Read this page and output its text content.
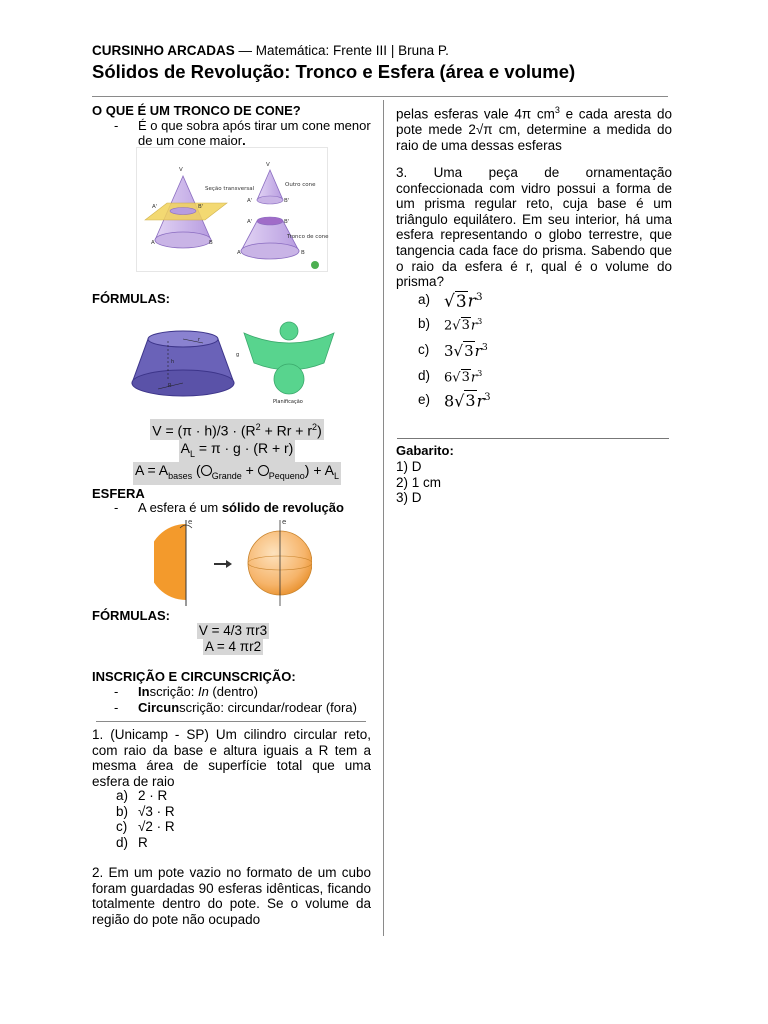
CURSINHO ARCADAS — Matemática: Frente III | Bruna P.
Sólidos de Revolução: Tronco e Esfera (área e volume)
O QUE É UM TRONCO DE CONE?
-	É o que sobra após tirar um cone menor
de um cone maior.
V
Seção transversal
A'	B'
A	B
V
Outro cone
A'	B'
A'	B'
Tronco de cone
A	B
FÓRMULAS:
g
h
r
R
Planificação
$V = (\pi \cdot h)/3 \cdot (R^2 + Rr + r^2)$
$A_L = \pi \cdot g \cdot (R + r)$
$A = A_{bases}$ ( $_{Grande} + _{Pequeno}) + A_L$
ESFERA
-	A esfera é um sólido de revolução
e	e
FÓRMULAS:
V = 4/3 πr3
A = 4 πr2
INSCRIÇÃO E CIRCUNSCRIÇÃO:
-	Inscrição: In (dentro)
-	Circunscrição: circundar/rodear (fora)
1. (Unicamp - SP) Um cilindro circular reto, com raio da base e altura iguais a R tem a mesma área de superfície total que uma esfera de raio
a) 2 · R
b) √3 · R
c) √2 · R
d) R
2. Em um pote vazio no formato de um cubo foram guardadas 90 esferas idênticas, ficando totalmente dentro do pote. Se o volume da região do pote não ocupado
pelas esferas vale 4π $cm^3$ e cada aresta do pote mede 2√π cm, determine a medida do raio de uma dessas esferas
3. Uma peça de ornamentação confeccionada com vidro possui a forma de um prisma regular reto, cuja base é um triângulo equilátero. Em seu interior, há uma esfera representando o globo terrestre, que tangencia cada face do prisma. Sabendo que o raio da esfera é r, qual é o volume do prisma?
a) $√3r^3$
b)	$2√3r^3$
c) $3√3r^3$
d)	$6√3r^3$
e) $8√3r^3$
Gabarito:
1) D
2) 1 cm
3) D
